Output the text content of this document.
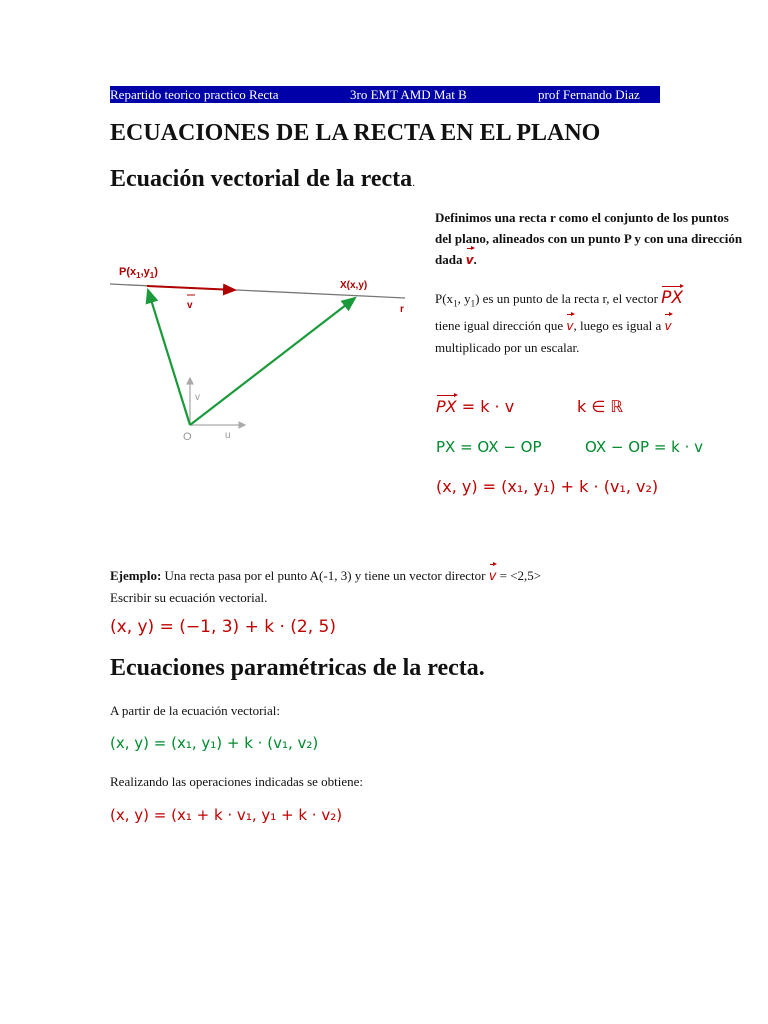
Repartido teorico practico Recta	3ro EMT AMD Mat B	prof Fernando Diaz
ECUACIONES DE LA RECTA EN EL PLANO
Ecuación vectorial de la recta.
Definimos una recta r como el conjunto de los puntos del plano, alineados con un punto P y con una dirección dada v.
$P(x_1$, $y_1$) es un punto de la recta r, el vector PX
tiene igual dirección que v, luego es igual a v
multiplicado por un escalar.
$P(x_1,y_1)$
X(x,y)
r
v
v
O	u
PX = k · v	k ∈ ℝ
PX = OX − OP	OX − OP = k · v
(x, y) = (x₁, y₁) + k · (v₁, v₂)
Ejemplo: Una recta pasa por el punto A(-1, 3) y tiene un vector director v = <2,5>
Escribir su ecuación vectorial.
(x, y) = (−1, 3) + k · (2, 5)
Ecuaciones paramétricas de la recta.
A partir de la ecuación vectorial:
(x, y) = (x₁, y₁) + k · (v₁, v₂)
Realizando las operaciones indicadas se obtiene:
(x, y) = (x₁ + k · v₁, y₁ + k · v₂)
